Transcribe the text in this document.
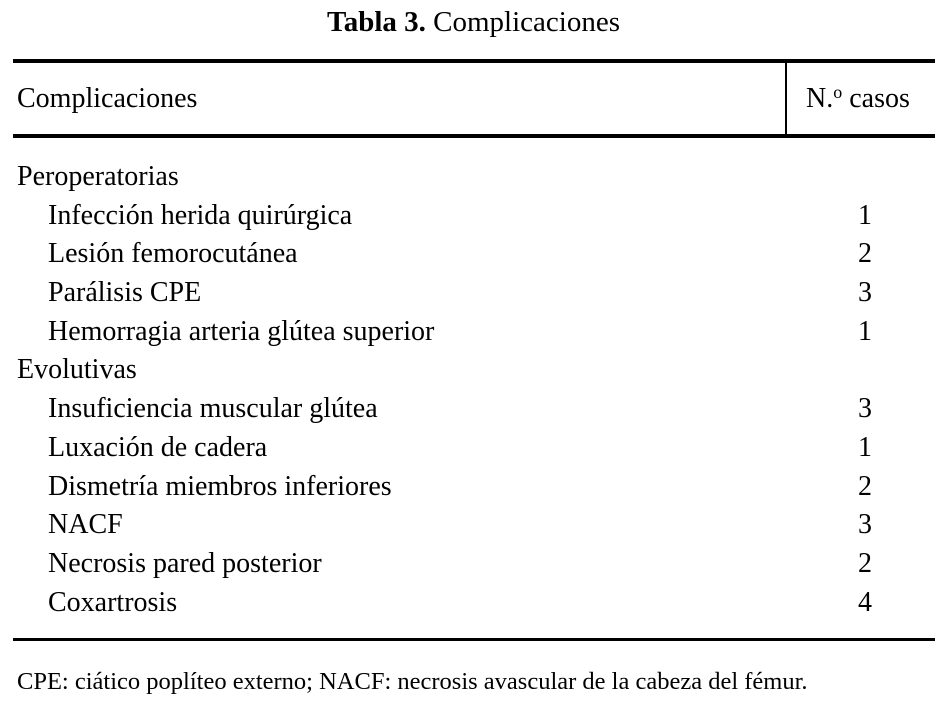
Tabla 3. Complicaciones
Complicaciones	N.$^o$ casos
Peroperatorias
Infección herida quirúrgica	1
Lesión femorocutánea	2
Parálisis CPE	3
Hemorragia arteria glútea superior	1
Evolutivas
Insuficiencia muscular glútea	3
Luxación de cadera	1
Dismetría miembros inferiores	2
NACF	3
Necrosis pared posterior	2
Coxartrosis	4
CPE: ciático poplíteo externo; NACF: necrosis avascular de la cabeza del fémur.
